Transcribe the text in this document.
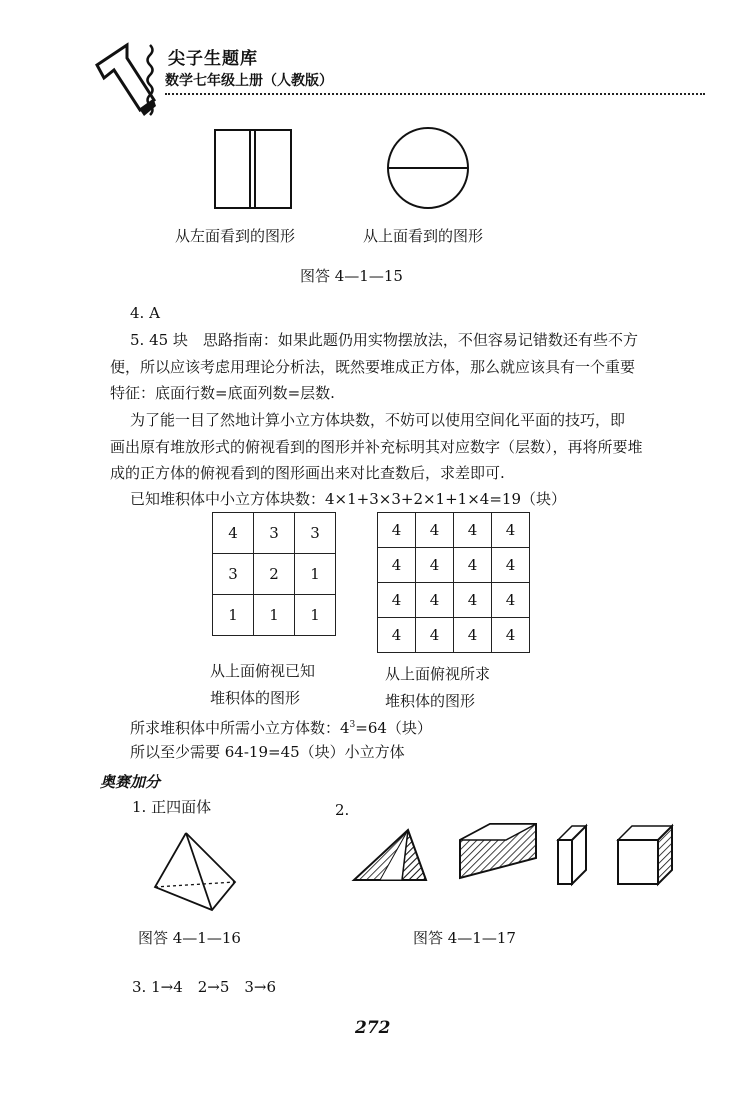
尖子生题库
数学七年级上册（人教版）
从左面看到的图形	从上面看到的图形
图答 4—1—15
4. A
5. 45 块　思路指南：如果此题仍用实物摆放法，不但容易记错数还有些不方
便，所以应该考虑用理论分析法，既然要堆成正方体，那么就应该具有一个重要
特征：底面行数=底面列数=层数.
为了能一目了然地计算小立方体块数，不妨可以使用空间化平面的技巧，即
画出原有堆放形式的俯视看到的图形并补充标明其对应数字（层数），再将所要堆
成的正方体的俯视看到的图形画出来对比查数后，求差即可.
已知堆积体中小立方体块数：4×1+3×3+2×1+1×4=19（块）
4	3	3
3	2	1
1	1	1
4	4	4	4
4	4	4	4
4	4	4	4
4	4	4	4
从上面俯视已知
堆积体的图形
从上面俯视所求
堆积体的图形
所求堆积体中所需小立方体数：$4^3=64$（块）
所以至少需要 64-19=45（块）小立方体
奥赛加分
1. 正四面体	2.
图答 4—1—16	图答 4—1—17
3. 1→4　2→5　3→6
272
